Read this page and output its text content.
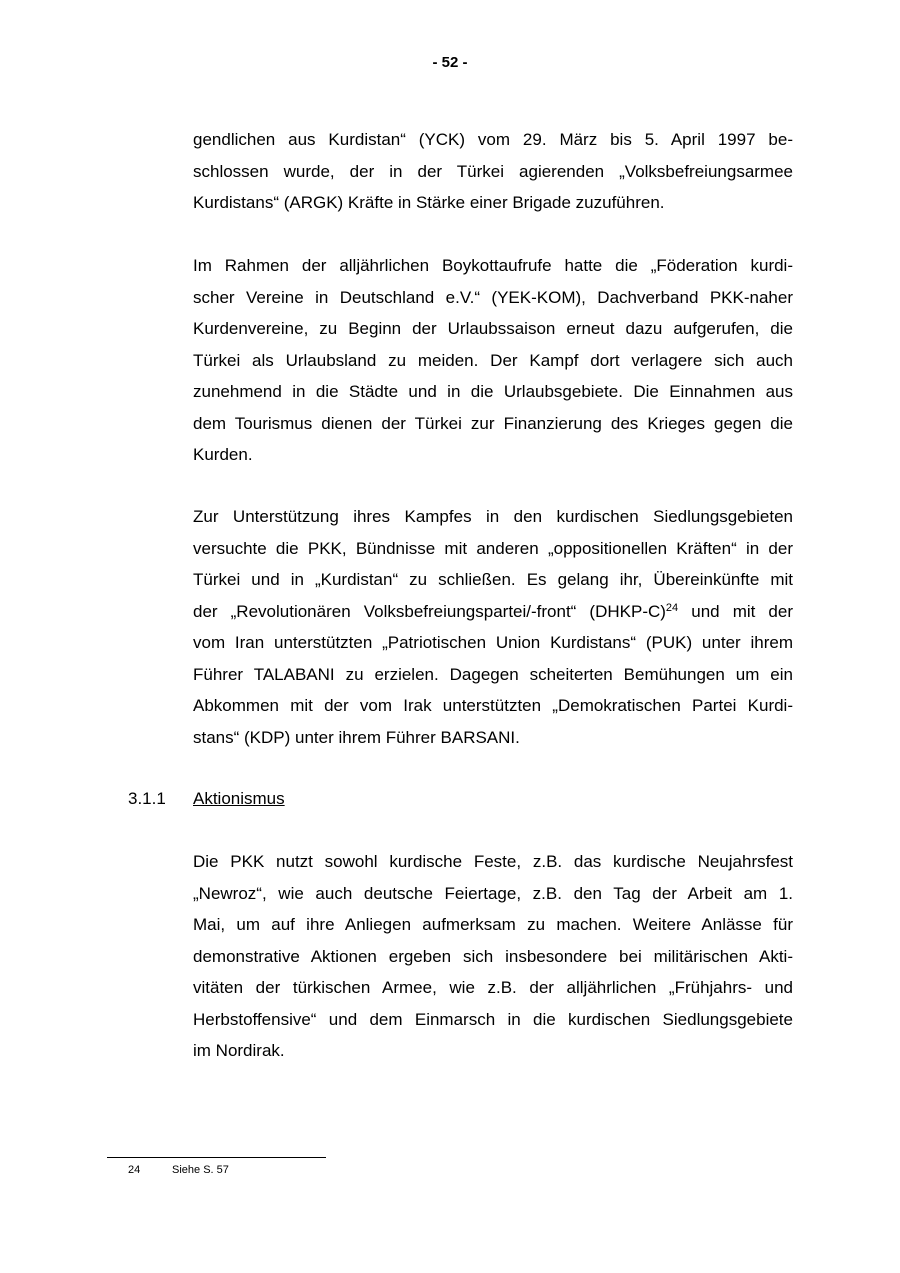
- 52 -

gendlichen aus Kurdistan“ (YCK) vom 29. März bis 5. April 1997 be-
schlossen wurde, der in der Türkei agierenden „Volksbefreiungsarmee
Kurdistans“ (ARGK) Kräfte in Stärke einer Brigade zuzuführen.

Im Rahmen der alljährlichen Boykottaufrufe hatte die „Föderation kurdi-
scher Vereine in Deutschland e.V.“ (YEK-KOM), Dachverband PKK-naher
Kurdenvereine, zu Beginn der Urlaubssaison erneut dazu aufgerufen, die
Türkei als Urlaubsland zu meiden. Der Kampf dort verlagere sich auch
zunehmend in die Städte und in die Urlaubsgebiete. Die Einnahmen aus
dem Tourismus dienen der Türkei zur Finanzierung des Krieges gegen die
Kurden.

Zur Unterstützung ihres Kampfes in den kurdischen Siedlungsgebieten
versuchte die PKK, Bündnisse mit anderen „oppositionellen Kräften“ in der
Türkei und in „Kurdistan“ zu schließen. Es gelang ihr, Übereinkünfte mit
der „Revolutionären Volksbefreiungspartei/-front“ (DHKP-C)$^{24}$ und mit der
vom Iran unterstützten „Patriotischen Union Kurdistans“ (PUK) unter ihrem
Führer TALABANI zu erzielen. Dagegen scheiterten Bemühungen um ein
Abkommen mit der vom Irak unterstützten „Demokratischen Partei Kurdi-
stans“ (KDP) unter ihrem Führer BARSANI.

3.1.1 Aktionismus

Die PKK nutzt sowohl kurdische Feste, z.B. das kurdische Neujahrsfest
„Newroz“, wie auch deutsche Feiertage, z.B. den Tag der Arbeit am 1.
Mai, um auf ihre Anliegen aufmerksam zu machen. Weitere Anlässe für
demonstrative Aktionen ergeben sich insbesondere bei militärischen Akti-
vitäten der türkischen Armee, wie z.B. der alljährlichen „Frühjahrs- und
Herbstoffensive“ und dem Einmarsch in die kurdischen Siedlungsgebiete
im Nordirak.

24	Siehe S. 57
